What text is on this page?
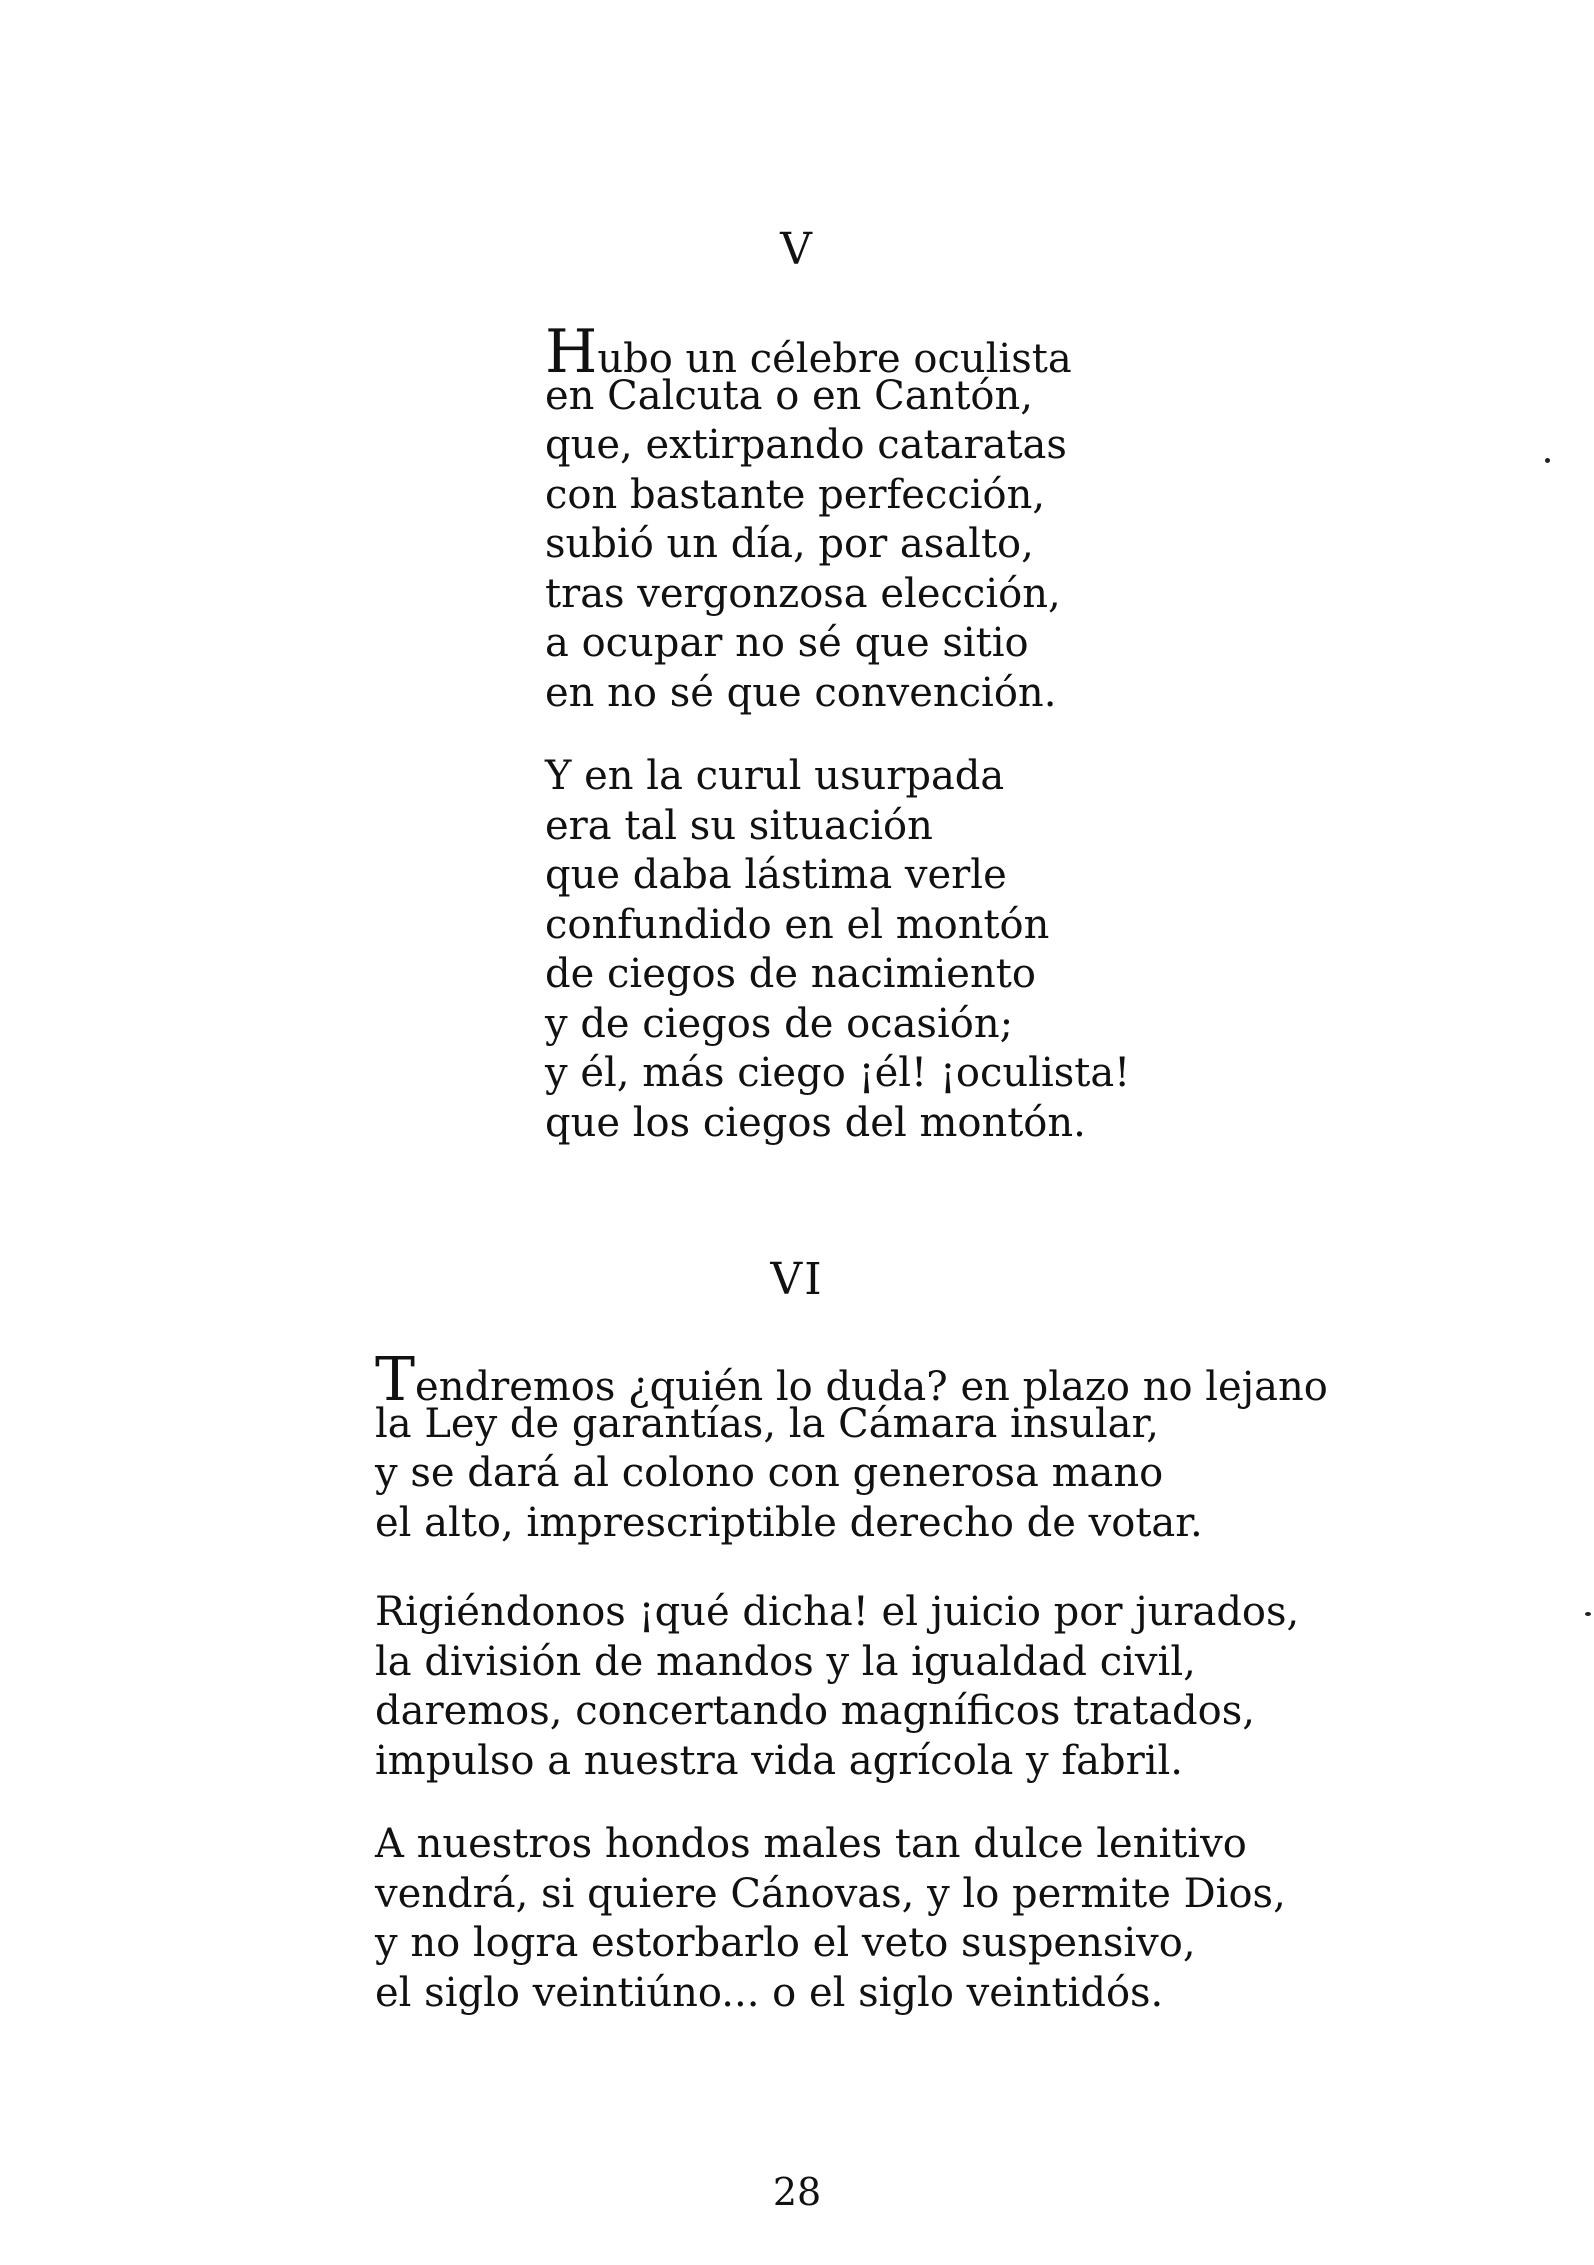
V
Hubo un célebre oculista
en Calcuta o en Cantón,
que, extirpando cataratas
con bastante perfección,
subió un día, por asalto,
tras vergonzosa elección,
a ocupar no sé que sitio
en no sé que convención.
Y en la curul usurpada
era tal su situación
que daba lástima verle
confundido en el montón
de ciegos de nacimiento
y de ciegos de ocasión;
y él, más ciego ¡él! ¡oculista!
que los ciegos del montón.
VI
Tendremos ¿quién lo duda? en plazo no lejano
la Ley de garantías, la Cámara insular,
y se dará al colono con generosa mano
el alto, imprescriptible derecho de votar.
Rigiéndonos ¡qué dicha! el juicio por jurados,
la división de mandos y la igualdad civil,
daremos, concertando magníficos tratados,
impulso a nuestra vida agrícola y fabril.
A nuestros hondos males tan dulce lenitivo
vendrá, si quiere Cánovas, y lo permite Dios,
y no logra estorbarlo el veto suspensivo,
el siglo veintiúno... o el siglo veintidós.
28
